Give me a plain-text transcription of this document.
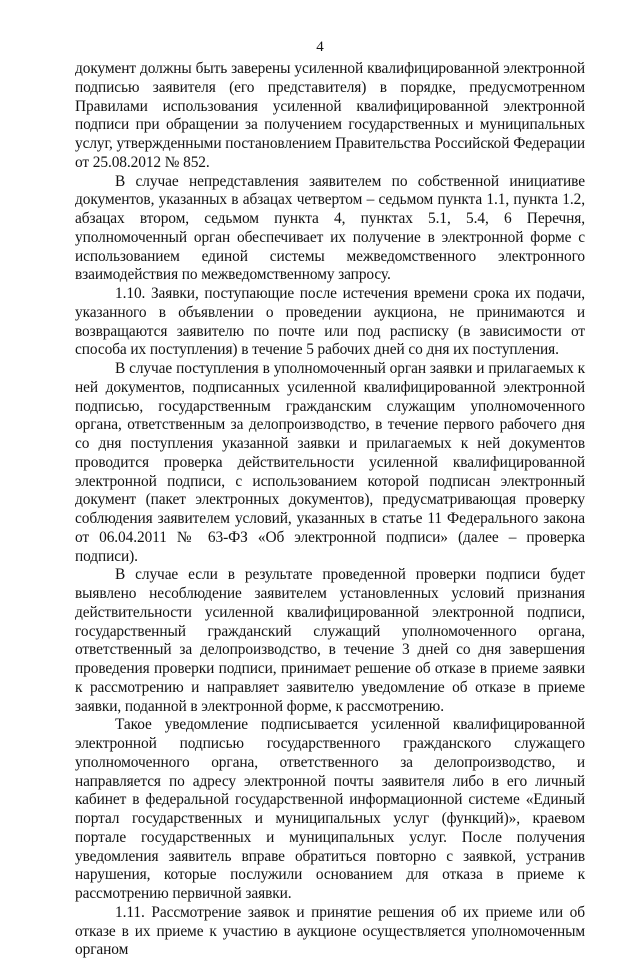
4

документ должны быть заверены усиленной квалифицированной электронной подписью заявителя (его представителя) в порядке, предусмотренном Правилами использования усиленной квалифицированной электронной подписи при обращении за получением государственных и муниципальных услуг, утвержденными постановлением Правительства Российской Федерации от 25.08.2012 № 852.

В случае непредставления заявителем по собственной инициативе документов, указанных в абзацах четвертом – седьмом пункта 1.1, пункта 1.2, абзацах втором, седьмом пункта 4, пунктах 5.1, 5.4, 6 Перечня, уполномоченный орган обеспечивает их получение в электронной форме с использованием единой системы межведомственного электронного взаимодействия по межведомственному запросу.

1.10. Заявки, поступающие после истечения времени срока их подачи, указанного в объявлении о проведении аукциона, не принимаются и возвращаются заявителю по почте или под расписку (в зависимости от способа их поступления) в течение 5 рабочих дней со дня их поступления.

В случае поступления в уполномоченный орган заявки и прилагаемых к ней документов, подписанных усиленной квалифицированной электронной подписью, государственным гражданским служащим уполномоченного органа, ответственным за делопроизводство, в течение первого рабочего дня со дня поступления указанной заявки и прилагаемых к ней документов проводится проверка действительности усиленной квалифицированной электронной подписи, с использованием которой подписан электронный документ (пакет электронных документов), предусматривающая проверку соблюдения заявителем условий, указанных в статье 11 Федерального закона от 06.04.2011 № 63-ФЗ «Об электронной подписи» (далее – проверка подписи).

В случае если в результате проведенной проверки подписи будет выявлено несоблюдение заявителем установленных условий признания действительности усиленной квалифицированной электронной подписи, государственный гражданский служащий уполномоченного органа, ответственный за делопроизводство, в течение 3 дней со дня завершения проведения проверки подписи, принимает решение об отказе в приеме заявки к рассмотрению и направляет заявителю уведомление об отказе в приеме заявки, поданной в электронной форме, к рассмотрению.

Такое уведомление подписывается усиленной квалифицированной электронной подписью государственного гражданского служащего уполномоченного органа, ответственного за делопроизводство, и направляется по адресу электронной почты заявителя либо в его личный кабинет в федеральной государственной информационной системе «Единый портал государственных и муниципальных услуг (функций)», краевом портале государственных и муниципальных услуг. После получения уведомления заявитель вправе обратиться повторно с заявкой, устранив нарушения, которые послужили основанием для отказа в приеме к рассмотрению первичной заявки.

1.11. Рассмотрение заявок и принятие решения об их приеме или об отказе в их приеме к участию в аукционе осуществляется уполномоченным органом
